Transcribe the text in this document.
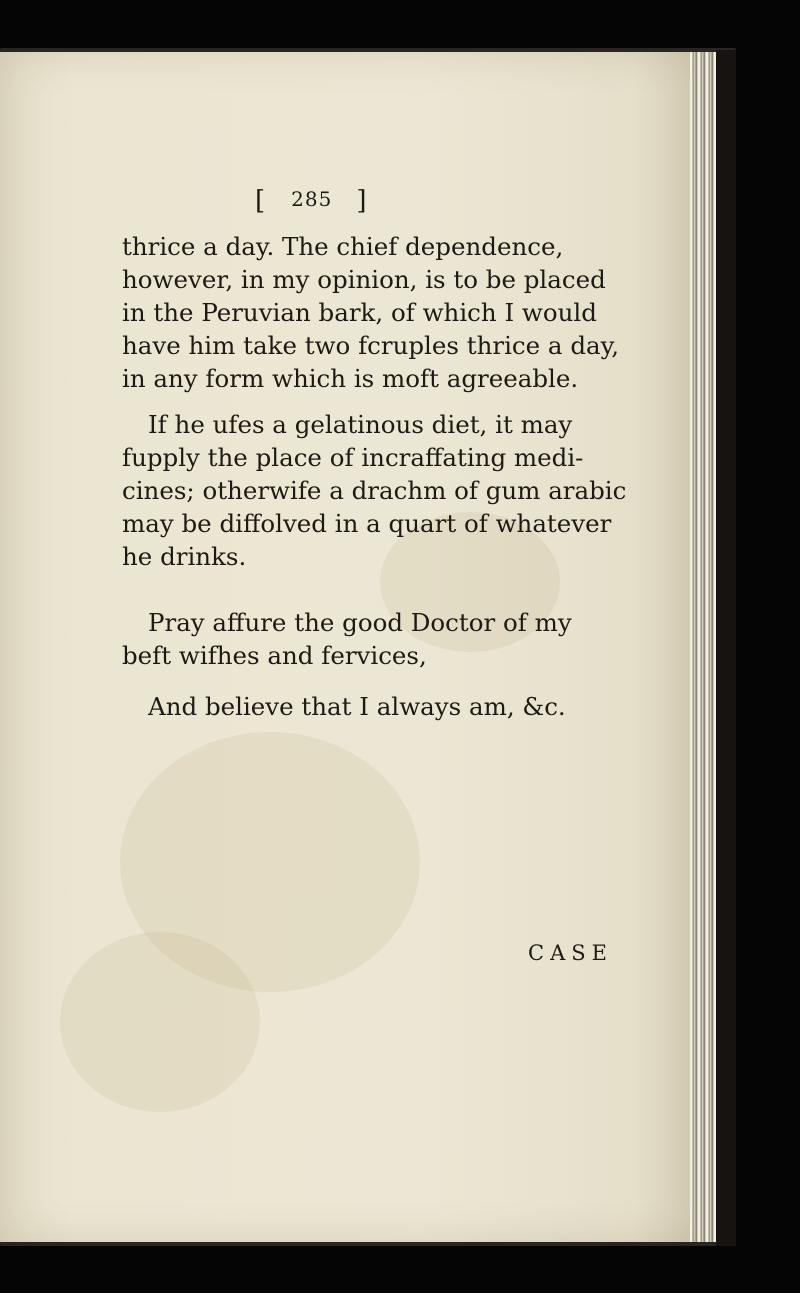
[ 285 ]
thrice a day. The chief dependence,
however, in my opinion, is to be placed
in the Peruvian bark, of which I would
have him take two fcruples thrice a day,
in any form which is moft agreeable.
If he ufes a gelatinous diet, it may
fupply the place of incraffating medi-
cines; otherwife a drachm of gum arabic
may be diffolved in a quart of whatever
he drinks.
Pray affure the good Doctor of my
beft wifhes and fervices,
And believe that I always am, &c.
CASE
